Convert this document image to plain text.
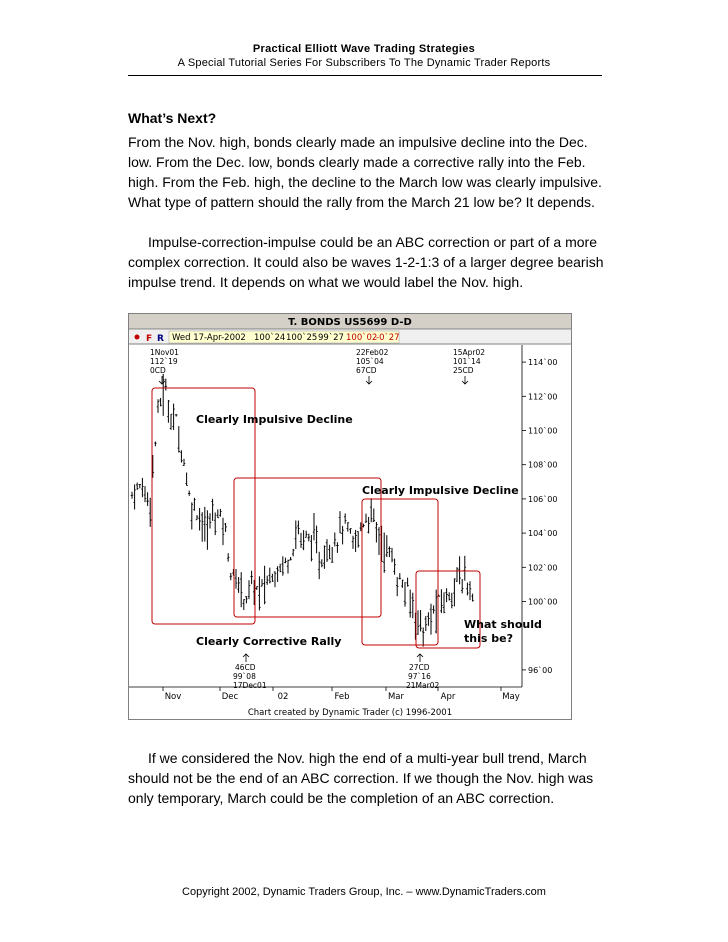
Practical Elliott Wave Trading Strategies
A Special Tutorial Series For Subscribers To The Dynamic Trader Reports
What’s Next?

From the Nov. high, bonds clearly made an impulsive decline into the Dec. low. From the Dec. low, bonds clearly made a corrective rally into the Feb. high. From the Feb. high, the decline to the March low was clearly impulsive. What type of pattern should the rally from the March 21 low be? It depends.

Impulse-correction-impulse could be an ABC correction or part of a more complex correction. It could also be waves 1-2-1:3 of a larger degree bearish impulse trend. It depends on what we would label the Nov. high.

T. BONDS US5699 D-D
F R Wed 17-Apr-2002 100`24 100`25 99`27 100`02
-0`27
96`00
100`00
102`00
104`00
106`00
108`00
110`00
112`00
114`00
Nov	Dec	02	Feb	Mar	Apr	May
Clearly Impulsive Decline
Clearly Impulsive Decline
Clearly Corrective Rally
What should
this be?
1Nov01
112`19
0CD
22Feb02
105`04
67CD
15Apr02
101`14
25CD
46CD
99`08
17Dec01
27CD
97`16
21Mar02
Chart created by Dynamic Trader (c) 1996-2001

If we considered the Nov. high the end of a multi-year bull trend, March should not be the end of an ABC correction. If we though the Nov. high was only temporary, March could be the completion of an ABC correction.

Copyright 2002, Dynamic Traders Group, Inc. – www.DynamicTraders.com
